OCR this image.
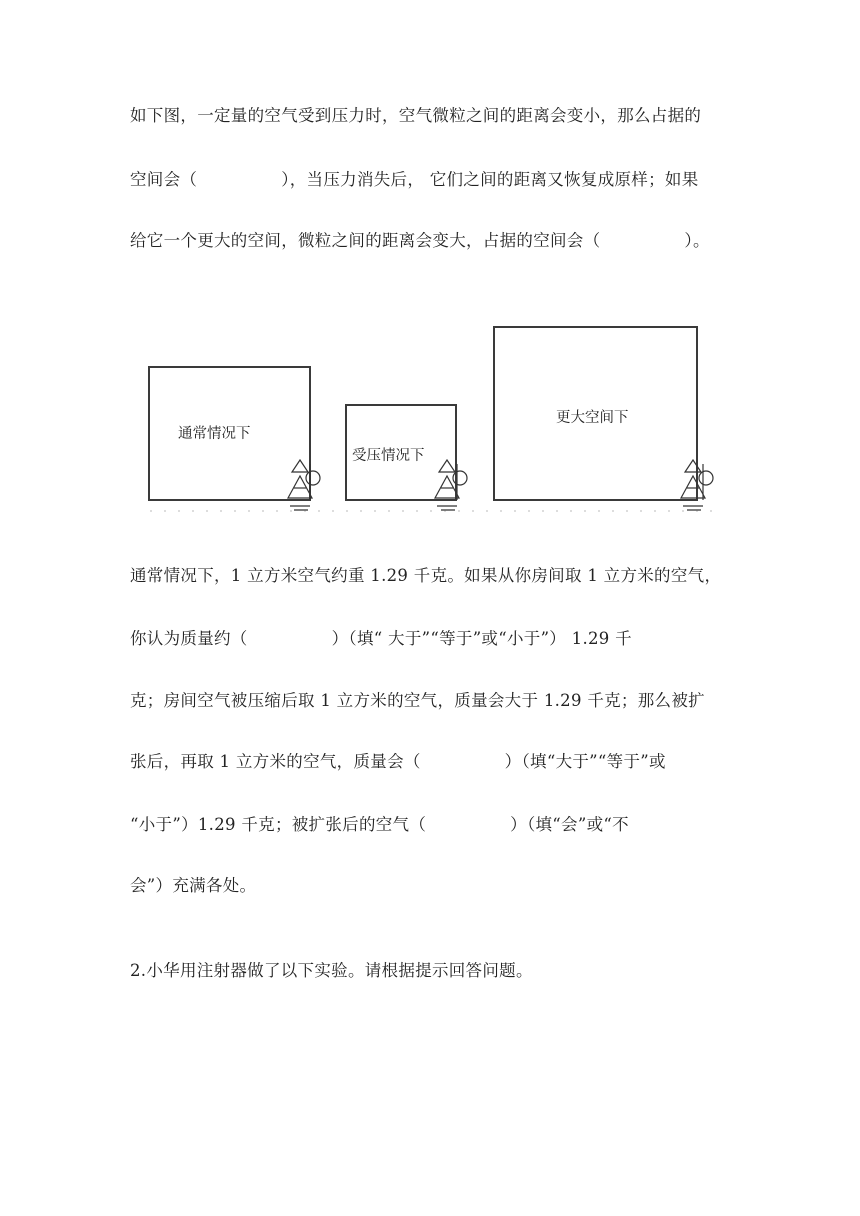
如下图，一定量的空气受到压力时，空气微粒之间的距离会变小，那么占据的
空间会（　　　　　），当压力消失后， 它们之间的距离又恢复成原样；如果
给它一个更大的空间，微粒之间的距离会变大，占据的空间会（　　　　　）。
通常情况下
受压情况下
更大空间下
通常情况下，1 立方米空气约重 1.29 千克。如果从你房间取 1 立方米的空气，
你认为质量约（　　　　　）（填“ 大于”“等于”或“小于”） 1.29 千
克；房间空气被压缩后取 1 立方米的空气，质量会大于 1.29 千克；那么被扩
张后，再取 1 立方米的空气，质量会（　　　　　）（填“大于”“等于”或
“小于”）1.29 千克；被扩张后的空气（　　　　　）（填“会”或“不
会”）充满各处。
2.小华用注射器做了以下实验。请根据提示回答问题。
